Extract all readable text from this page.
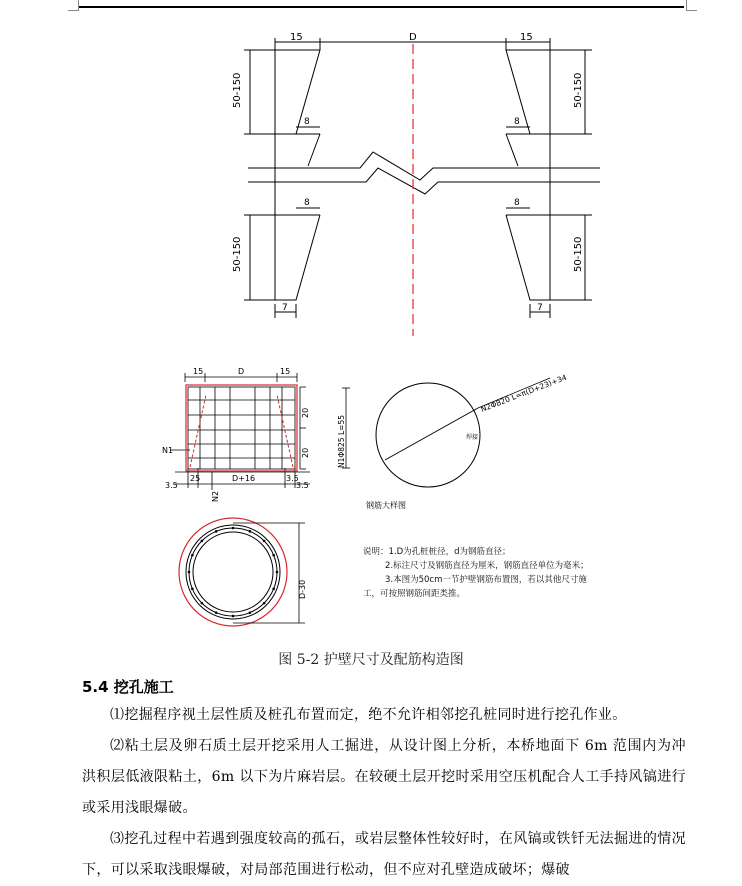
15	D	15
8	8
8	8
7	7
50-150
50-150
50-150
50-150
15	D	15
3.5
25	D+16	3.5
3.5
20
20
N1
N2
N1Φ825 L=55
N2Φ820 L=π(D+23)+34
焊接
钢筋大样图
D-30
说明：1.D为孔桩桩径，d为钢筋直径；
2.标注尺寸及钢筋直径为厘米，钢筋直径单位为毫米；
3.本图为50cm一节护壁钢筋布置图，若以其他尺寸施
工，可按照钢筋间距类推。
图 5-2 护壁尺寸及配筋构造图
5.4 挖孔施工
⑴挖掘程序视土层性质及桩孔布置而定，绝不允许相邻挖孔桩同时进行挖孔作业。
⑵粘土层及卵石质土层开挖采用人工掘进，从设计图上分析，本桥地面下 6m 范围内为冲洪积层低液限粘土，6m 以下为片麻岩层。在较硬土层开挖时采用空压机配合人工手持风镐进行或采用浅眼爆破。
⑶挖孔过程中若遇到强度较高的孤石，或岩层整体性较好时，在风镐或铁钎无法掘进的情况下，可以采取浅眼爆破，对局部范围进行松动，但不应对孔壁造成破坏；爆破
